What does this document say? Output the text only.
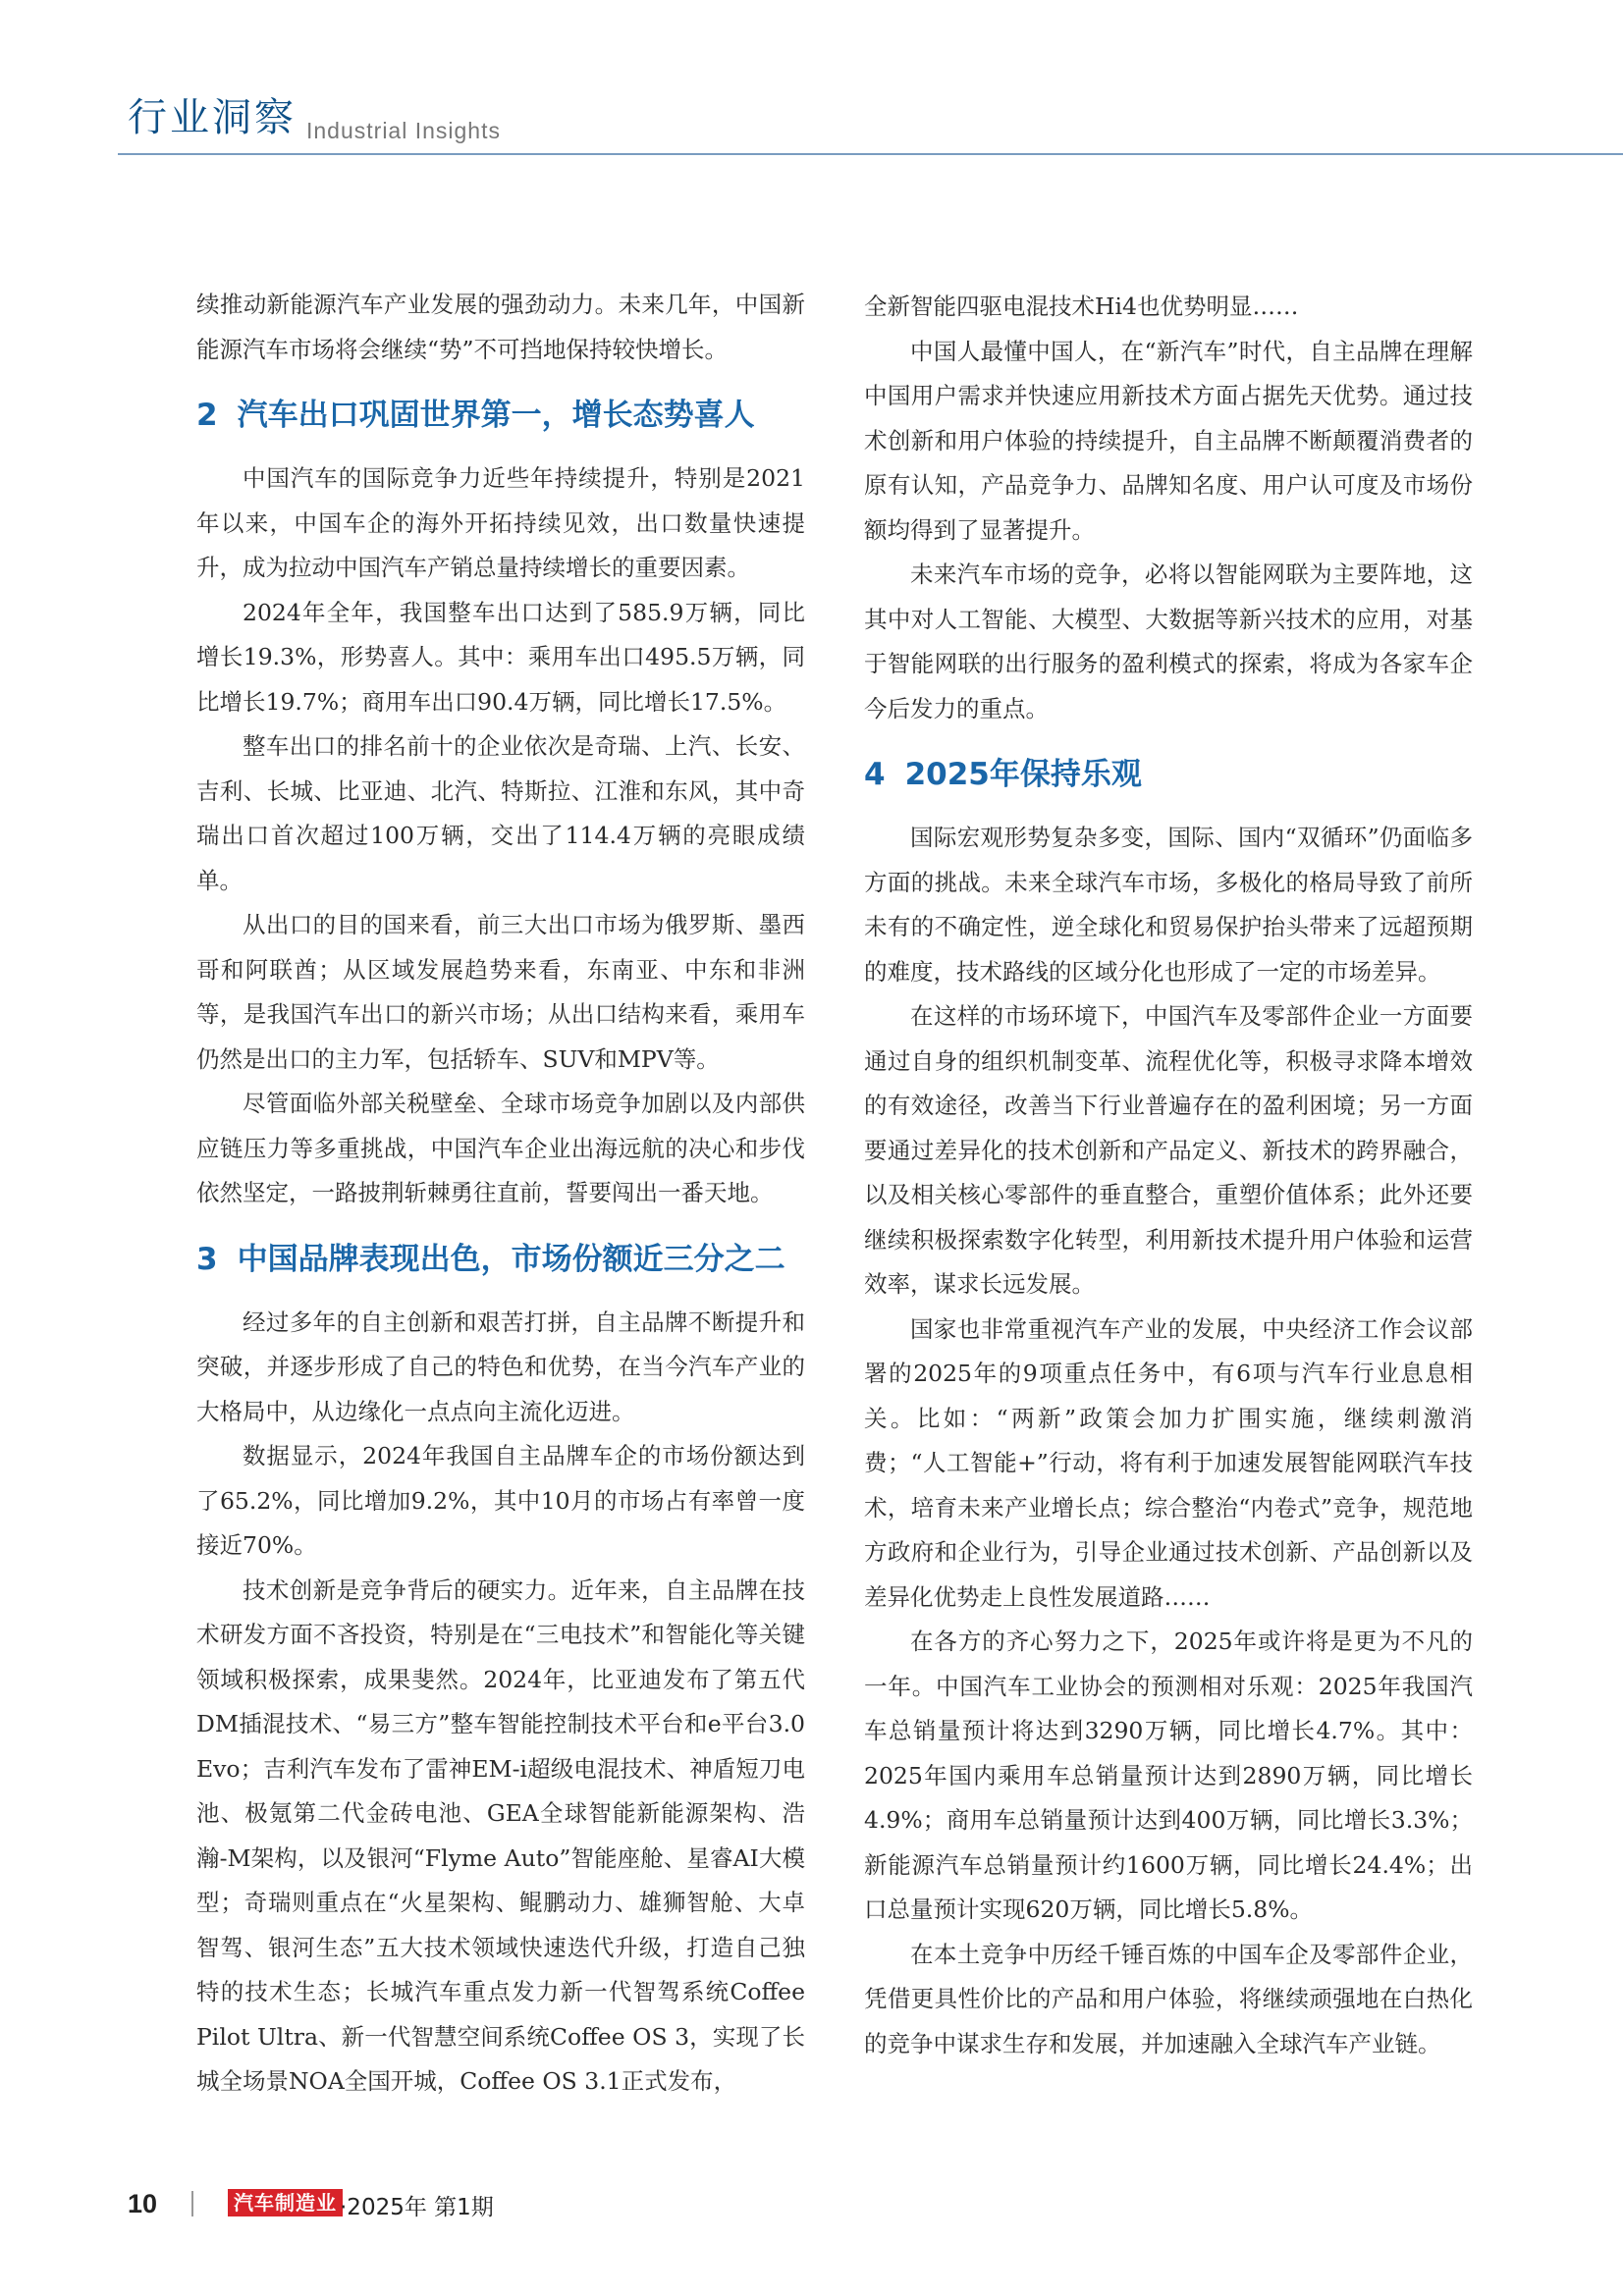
行业洞察 Industrial Insights

续推动新能源汽车产业发展的强劲动力。未来几年，中国新能源汽车市场将会继续“势”不可挡地保持较快增长。

2 汽车出口巩固世界第一，增长态势喜人

中国汽车的国际竞争力近些年持续提升，特别是2021年以来，中国车企的海外开拓持续见效，出口数量快速提升，成为拉动中国汽车产销总量持续增长的重要因素。

2024年全年，我国整车出口达到了585.9万辆，同比增长19.3%，形势喜人。其中：乘用车出口495.5万辆，同比增长19.7%；商用车出口90.4万辆，同比增长17.5%。

整车出口的排名前十的企业依次是奇瑞、上汽、长安、吉利、长城、比亚迪、北汽、特斯拉、江淮和东风，其中奇瑞出口首次超过100万辆，交出了114.4万辆的亮眼成绩单。

从出口的目的国来看，前三大出口市场为俄罗斯、墨西哥和阿联酋；从区域发展趋势来看，东南亚、中东和非洲等，是我国汽车出口的新兴市场；从出口结构来看，乘用车仍然是出口的主力军，包括轿车、SUV和MPV等。

尽管面临外部关税壁垒、全球市场竞争加剧以及内部供应链压力等多重挑战，中国汽车企业出海远航的决心和步伐依然坚定，一路披荆斩棘勇往直前，誓要闯出一番天地。

3 中国品牌表现出色，市场份额近三分之二

经过多年的自主创新和艰苦打拼，自主品牌不断提升和突破，并逐步形成了自己的特色和优势，在当今汽车产业的大格局中，从边缘化一点点向主流化迈进。

数据显示，2024年我国自主品牌车企的市场份额达到了65.2%，同比增加9.2%，其中10月的市场占有率曾一度接近70%。

技术创新是竞争背后的硬实力。近年来，自主品牌在技术研发方面不吝投资，特别是在“三电技术”和智能化等关键领域积极探索，成果斐然。2024年，比亚迪发布了第五代DM插混技术、“易三方”整车智能控制技术平台和e平台3.0 Evo；吉利汽车发布了雷神EM-i超级电混技术、神盾短刀电池、极氪第二代金砖电池、GEA全球智能新能源架构、浩瀚-M架构，以及银河“Flyme Auto”智能座舱、星睿AI大模型；奇瑞则重点在“火星架构、鲲鹏动力、雄狮智舱、大卓智驾、银河生态”五大技术领域快速迭代升级，打造自己独特的技术生态；长城汽车重点发力新一代智驾系统Coffee Pilot Ultra、新一代智慧空间系统Coffee OS 3，实现了长城全场景NOA全国开城，Coffee OS 3.1正式发布，

全新智能四驱电混技术Hi4也优势明显……

中国人最懂中国人，在“新汽车”时代，自主品牌在理解中国用户需求并快速应用新技术方面占据先天优势。通过技术创新和用户体验的持续提升，自主品牌不断颠覆消费者的原有认知，产品竞争力、品牌知名度、用户认可度及市场份额均得到了显著提升。

未来汽车市场的竞争，必将以智能网联为主要阵地，这其中对人工智能、大模型、大数据等新兴技术的应用，对基于智能网联的出行服务的盈利模式的探索，将成为各家车企今后发力的重点。

4 2025年保持乐观

国际宏观形势复杂多变，国际、国内“双循环”仍面临多方面的挑战。未来全球汽车市场，多极化的格局导致了前所未有的不确定性，逆全球化和贸易保护抬头带来了远超预期的难度，技术路线的区域分化也形成了一定的市场差异。

在这样的市场环境下，中国汽车及零部件企业一方面要通过自身的组织机制变革、流程优化等，积极寻求降本增效的有效途径，改善当下行业普遍存在的盈利困境；另一方面要通过差异化的技术创新和产品定义、新技术的跨界融合，以及相关核心零部件的垂直整合，重塑价值体系；此外还要继续积极探索数字化转型，利用新技术提升用户体验和运营效率，谋求长远发展。

国家也非常重视汽车产业的发展，中央经济工作会议部署的2025年的9项重点任务中，有6项与汽车行业息息相关。比如：“两新”政策会加力扩围实施，继续刺激消费；“人工智能+”行动，将有利于加速发展智能网联汽车技术，培育未来产业增长点；综合整治“内卷式”竞争，规范地方政府和企业行为，引导企业通过技术创新、产品创新以及差异化优势走上良性发展道路……

在各方的齐心努力之下，2025年或许将是更为不凡的一年。中国汽车工业协会的预测相对乐观：2025年我国汽车总销量预计将达到3290万辆，同比增长4.7%。其中：2025年国内乘用车总销量预计达到2890万辆，同比增长4.9%；商用车总销量预计达到400万辆，同比增长3.3%；新能源汽车总销量预计约1600万辆，同比增长24.4%；出口总量预计实现620万辆，同比增长5.8%。

在本土竞争中历经千锤百炼的中国车企及零部件企业，凭借更具性价比的产品和用户体验，将继续顽强地在白热化的竞争中谋求生存和发展，并加速融入全球汽车产业链。

10	汽车制造业 ·2025年 第1期
